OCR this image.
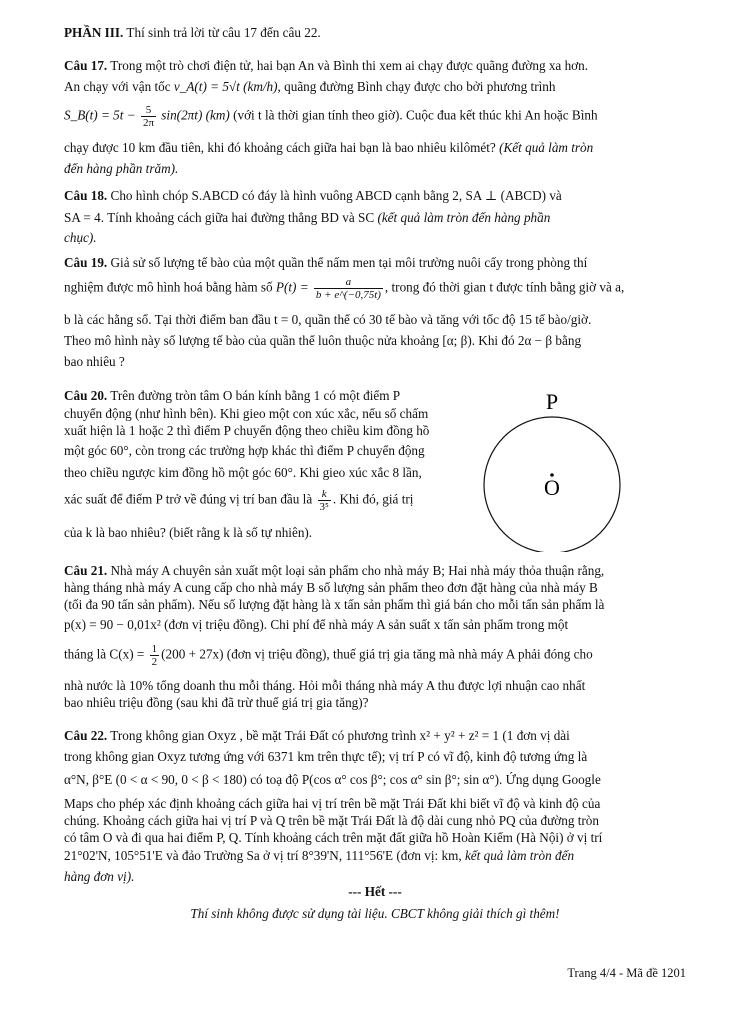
PHẦN III. Thí sinh trả lời từ câu 17 đến câu 22.
Câu 17. Trong một trò chơi điện tử, hai bạn An và Bình thi xem ai chạy được quãng đường xa hơn.
An chạy với vận tốc v_A(t) = 5√t (km/h), quãng đường Bình chạy được cho bởi phương trình
S_B(t) = $5t - \frac{5}{2\pi} \sin(2\pi t)$ (km) (với t là thời gian tính theo giờ). Cuộc đua kết thúc khi An hoặc Bình
chạy được 10 km đầu tiên, khi đó khoảng cách giữa hai bạn là bao nhiêu kilômét? (Kết quả làm tròn
đến hàng phần trăm).
Câu 18. Cho hình chóp S.ABCD có đáy là hình vuông ABCD cạnh bằng 2, SA ⊥ (ABCD) và
SA = 4. Tính khoảng cách giữa hai đường thẳng BD và SC (kết quả làm tròn đến hàng phần
chục).
Câu 19. Giả sử số lượng tế bào của một quần thể nấm men tại môi trường nuôi cấy trong phòng thí
nghiệm được mô hình hoá bằng hàm số $P(t) = \frac{a}{b + e\^{}(-0,75t)}$ , trong đó thời gian t được tính bằng giờ và a,
b là các hằng số. Tại thời điểm ban đầu t = 0, quần thể có 30 tế bào và tăng với tốc độ 15 tế bào/giờ.
Theo mô hình này số lượng tế bào của quần thể luôn thuộc nửa khoảng [α; β). Khi đó 2α − β bằng
bao nhiêu ?
Câu 20. Trên đường tròn tâm O bán kính bằng 1 có một điểm P
chuyển động (như hình bên). Khi gieo một con xúc xắc, nếu số chấm
xuất hiện là 1 hoặc 2 thì điểm P chuyển động theo chiều kim đồng hồ
một góc 60°, còn trong các trường hợp khác thì điểm P chuyển động
theo chiều ngược kim đồng hồ một góc 60°. Khi gieo xúc xắc 8 lần,
xác suất để điểm P trở về đúng vị trí ban đầu là $\frac{k}{\text{3⁵}}$ . Khi đó, giá trị
của k là bao nhiêu? (biết rằng k là số tự nhiên).
Câu 21. Nhà máy A chuyên sản xuất một loại sản phẩm cho nhà máy B; Hai nhà máy thỏa thuận rằng,
hàng tháng nhà máy A cung cấp cho nhà máy B số lượng sản phẩm theo đơn đặt hàng của nhà máy B
(tối đa 90 tấn sản phẩm). Nếu số lượng đặt hàng là x tấn sản phẩm thì giá bán cho mỗi tấn sản phẩm là
p(x) = 90 − 0,01x² (đơn vị triệu đồng). Chi phí để nhà máy A sản suất x tấn sản phẩm trong một
tháng là $C(x) = \frac{1}{2} (200 + 27x)$ (đơn vị triệu đồng), thuế giá trị gia tăng mà nhà máy A phải đóng cho
nhà nước là 10% tổng doanh thu mỗi tháng. Hỏi mỗi tháng nhà máy A thu được lợi nhuận cao nhất
bao nhiêu triệu đồng (sau khi đã trừ thuế giá trị gia tăng)?
Câu 22. Trong không gian Oxyz , bề mặt Trái Đất có phương trình x² + y² + z² = 1 (1 đơn vị dài
trong không gian Oxyz tương ứng với 6371 km trên thực tế); vị trí P có vĩ độ, kinh độ tương ứng là
α°N, β°E (0 < α < 90, 0 < β < 180) có toạ độ P(cos α° cos β°; cos α° sin β°; sin α°). Ứng dụng Google
Maps cho phép xác định khoảng cách giữa hai vị trí trên bề mặt Trái Đất khi biết vĩ độ và kinh độ của
chúng. Khoảng cách giữa hai vị trí P và Q trên bề mặt Trái Đất là độ dài cung nhỏ PQ của đường tròn
có tâm O và đi qua hai điểm P, Q. Tính khoảng cách trên mặt đất giữa hồ Hoàn Kiếm (Hà Nội) ở vị trí
21°02'N, 105°51'E và đảo Trường Sa ở vị trí 8°39'N, 111°56'E (đơn vị: km, kết quả làm tròn đến
hàng đơn vị).
--- Hết ---
Thí sinh không được sử dụng tài liệu. CBCT không giải thích gì thêm!
Trang 4/4 - Mã đề 1201
P
O
